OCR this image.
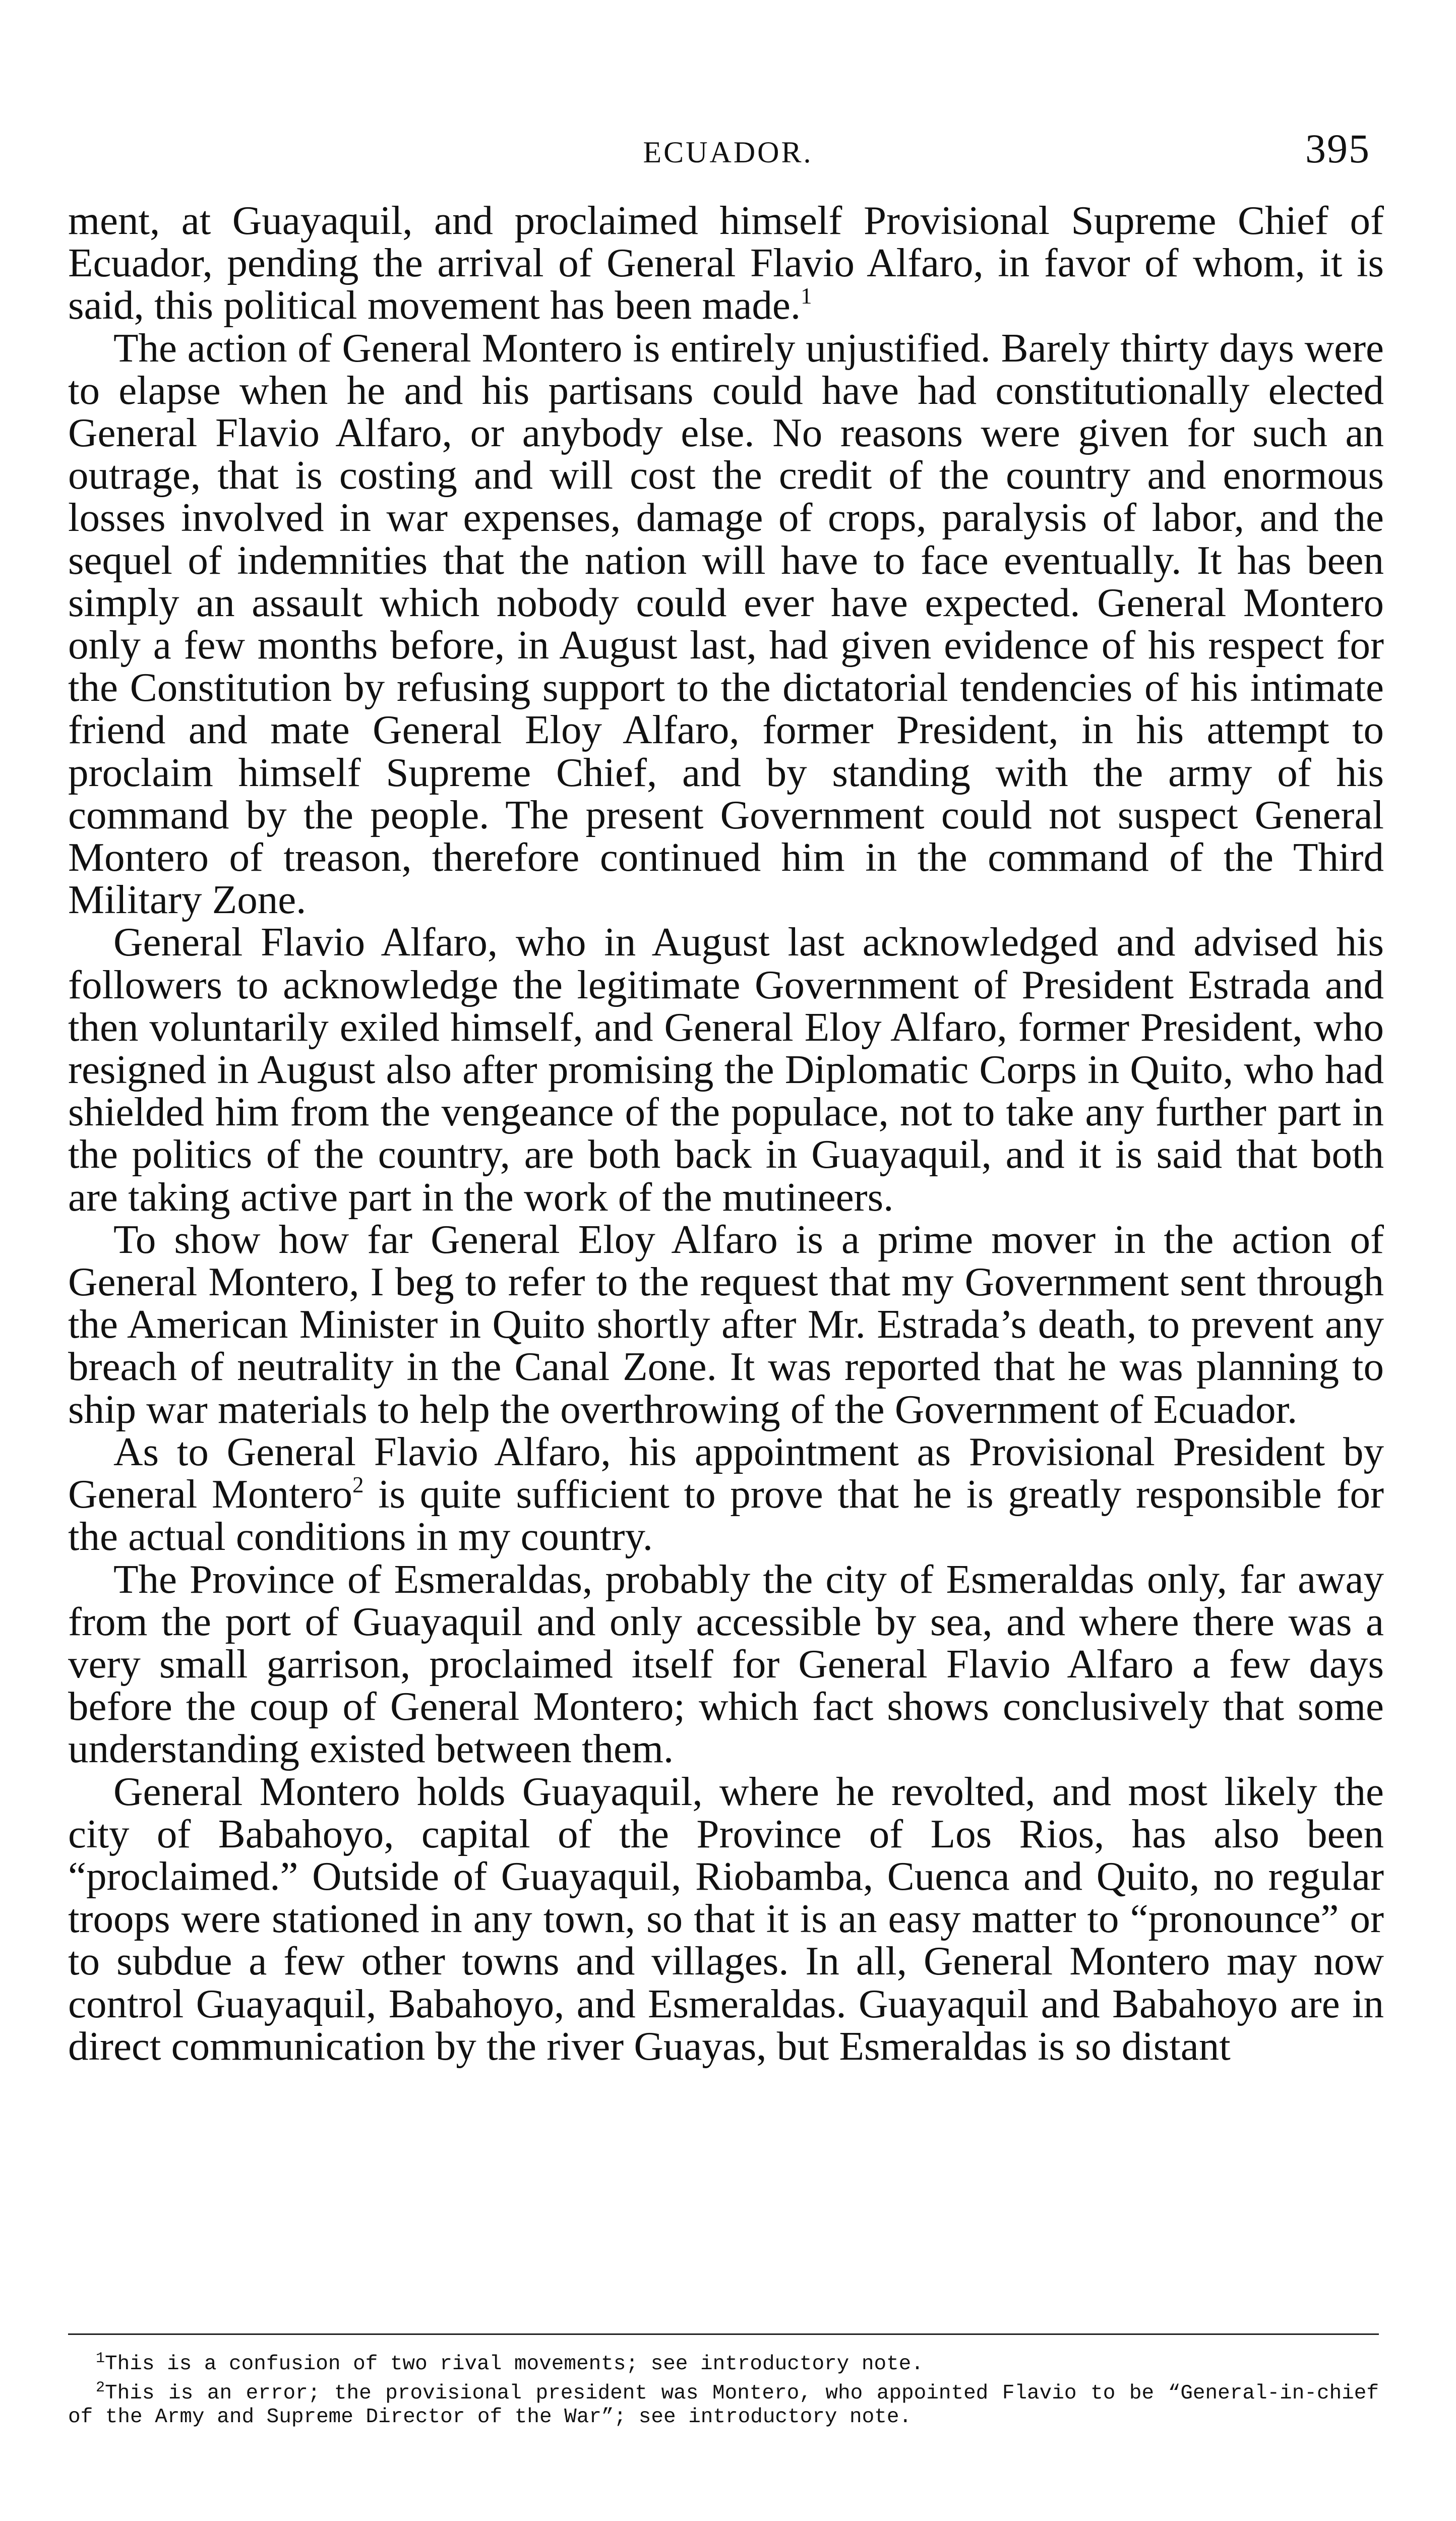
ECUADOR.	395

ment, at Guayaquil, and proclaimed himself Provisional Supreme Chief of Ecuador, pending the arrival of General Flavio Alfaro, in favor of whom, it is said, this political movement has been made.$^1$

The action of General Montero is entirely unjustified. Barely thirty days were to elapse when he and his partisans could have had constitutionally elected General Flavio Alfaro, or anybody else. No reasons were given for such an outrage, that is costing and will cost the credit of the country and enormous losses involved in war expenses, damage of crops, paralysis of labor, and the sequel of indemnities that the nation will have to face eventually. It has been simply an assault which nobody could ever have expected. General Montero only a few months before, in August last, had given evidence of his respect for the Constitution by refusing support to the dictatorial tendencies of his intimate friend and mate General Eloy Alfaro, former President, in his attempt to proclaim himself Supreme Chief, and by standing with the army of his command by the people. The present Government could not suspect General Montero of treason, therefore continued him in the command of the Third Military Zone.

General Flavio Alfaro, who in August last acknowledged and advised his followers to acknowledge the legitimate Government of President Estrada and then voluntarily exiled himself, and General Eloy Alfaro, former President, who resigned in August also after promising the Diplomatic Corps in Quito, who had shielded him from the vengeance of the populace, not to take any further part in the politics of the country, are both back in Guayaquil, and it is said that both are taking active part in the work of the mutineers.

To show how far General Eloy Alfaro is a prime mover in the action of General Montero, I beg to refer to the request that my Government sent through the American Minister in Quito shortly after Mr. Estrada’s death, to prevent any breach of neutrality in the Canal Zone. It was reported that he was planning to ship war materials to help the overthrowing of the Government of Ecuador.

As to General Flavio Alfaro, his appointment as Provisional President by General Montero$^2$ is quite sufficient to prove that he is greatly responsible for the actual conditions in my country.

The Province of Esmeraldas, probably the city of Esmeraldas only, far away from the port of Guayaquil and only accessible by sea, and where there was a very small garrison, proclaimed itself for General Flavio Alfaro a few days before the coup of General Montero; which fact shows conclusively that some understanding existed between them.

General Montero holds Guayaquil, where he revolted, and most likely the city of Babahoyo, capital of the Province of Los Rios, has also been “proclaimed.” Outside of Guayaquil, Riobamba, Cuenca and Quito, no regular troops were stationed in any town, so that it is an easy matter to “pronounce” or to subdue a few other towns and villages. In all, General Montero may now control Guayaquil, Babahoyo, and Esmeraldas. Guayaquil and Babahoyo are in direct communication by the river Guayas, but Esmeraldas is so distant

$^1$This is a confusion of two rival movements; see introductory note.

$^2$This is an error; the provisional president was Montero, who appointed Flavio to be “General-in-chief of the Army and Supreme Director of the War”; see introductory note.
